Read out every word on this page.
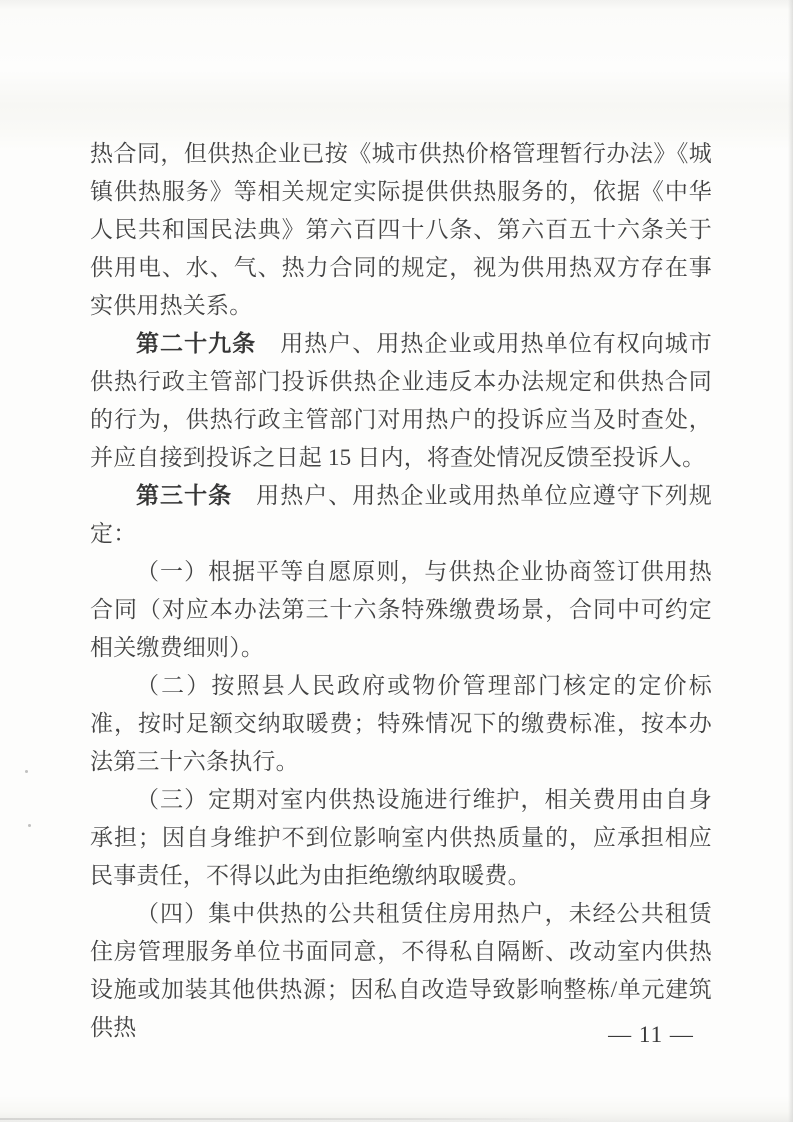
热合同，但供热企业已按《城市供热价格管理暂行办法》《城镇供热服务》等相关规定实际提供供热服务的，依据《中华人民共和国民法典》第六百四十八条、第六百五十六条关于供用电、水、气、热力合同的规定，视为供用热双方存在事实供用热关系。

第二十九条　用热户、用热企业或用热单位有权向城市供热行政主管部门投诉供热企业违反本办法规定和供热合同的行为，供热行政主管部门对用热户的投诉应当及时查处，并应自接到投诉之日起 15 日内，将查处情况反馈至投诉人。

第三十条　用热户、用热企业或用热单位应遵守下列规定：

（一）根据平等自愿原则，与供热企业协商签订供用热合同（对应本办法第三十六条特殊缴费场景，合同中可约定相关缴费细则）。

（二）按照县人民政府或物价管理部门核定的定价标准，按时足额交纳取暖费；特殊情况下的缴费标准，按本办法第三十六条执行。

（三）定期对室内供热设施进行维护，相关费用由自身承担；因自身维护不到位影响室内供热质量的，应承担相应民事责任，不得以此为由拒绝缴纳取暖费。

（四）集中供热的公共租赁住房用热户，未经公共租赁住房管理服务单位书面同意，不得私自隔断、改动室内供热设施或加装其他供热源；因私自改造导致影响整栋/单元建筑供热	— 11 —
